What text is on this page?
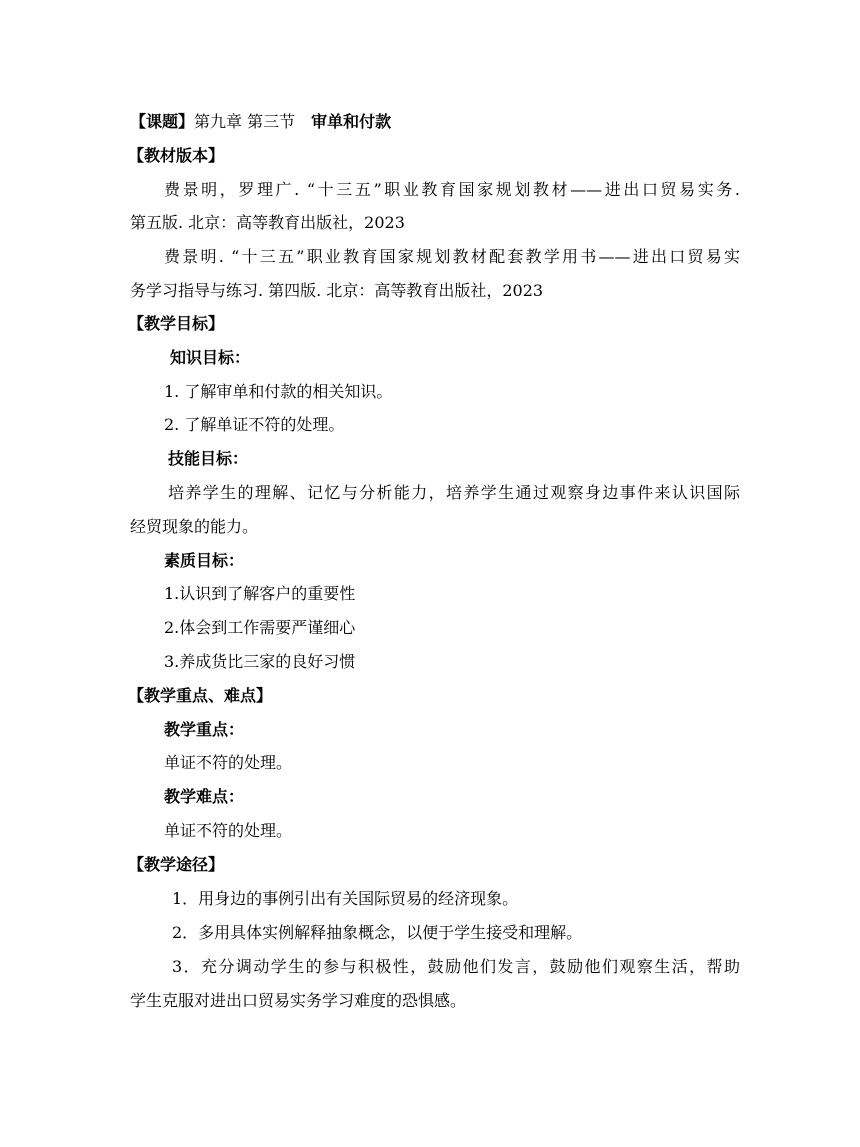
【课题】第九章 第三节 审单和付款
【教材版本】
费景明，罗理广. “十三五”职业教育国家规划教材——进出口贸易实务.
第五版. 北京：高等教育出版社，2023
费景明. “十三五”职业教育国家规划教材配套教学用书——进出口贸易实
务学习指导与练习. 第四版. 北京：高等教育出版社，2023
【教学目标】
知识目标：
1. 了解审单和付款的相关知识。
2. 了解单证不符的处理。
技能目标：
培养学生的理解、记忆与分析能力，培养学生通过观察身边事件来认识国际
经贸现象的能力。
素质目标：
1.认识到了解客户的重要性
2.体会到工作需要严谨细心
3.养成货比三家的良好习惯
【教学重点、难点】
教学重点：
单证不符的处理。
教学难点：
单证不符的处理。
【教学途径】
1．用身边的事例引出有关国际贸易的经济现象。
2．多用具体实例解释抽象概念，以便于学生接受和理解。
3．充分调动学生的参与积极性，鼓励他们发言，鼓励他们观察生活，帮助
学生克服对进出口贸易实务学习难度的恐惧感。
